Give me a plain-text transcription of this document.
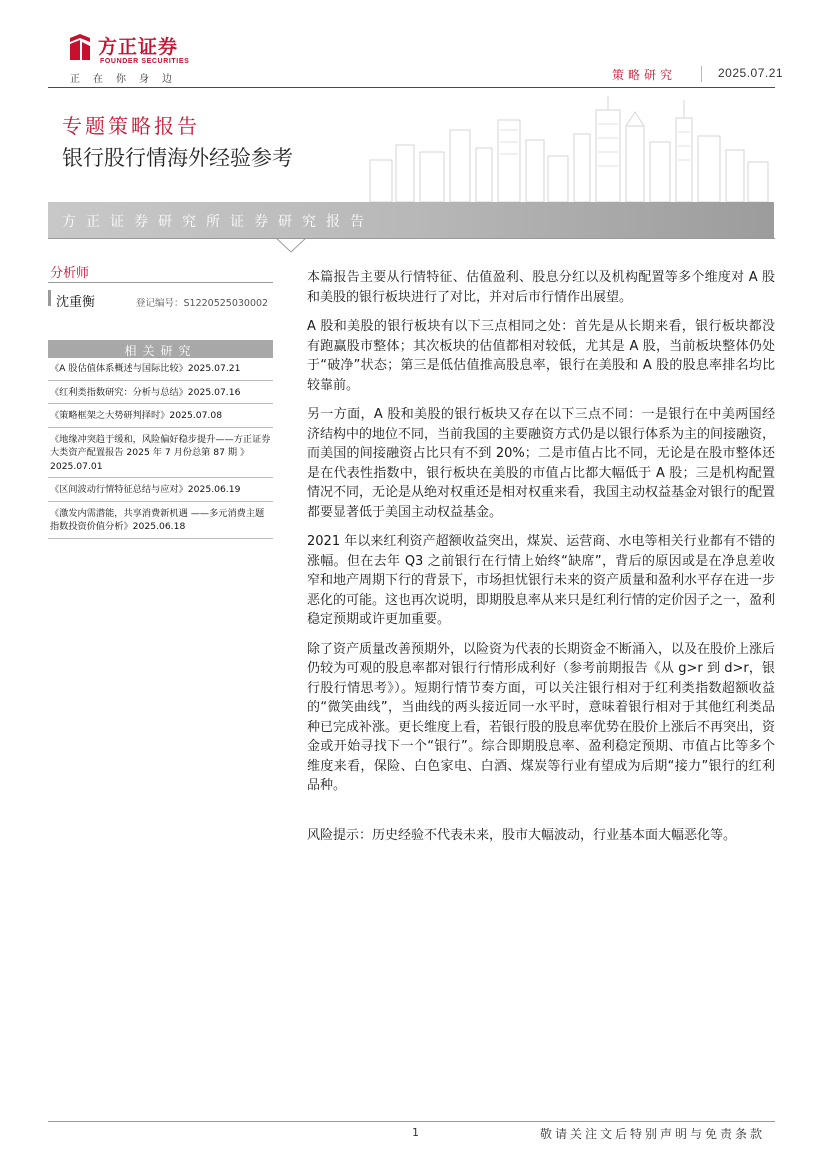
方正证券
FOUNDER SECURITIES
正在你身边	策略研究	2025.07.21
专题策略报告
银行股行情海外经验参考
方正证券研究所证券研究报告
分析师
沈重衡	登记编号：S1220525030002
相关研究
《A 股估值体系概述与国际比较》2025.07.21
《红利类指数研究：分析与总结》2025.07.16
《策略框架之大势研判择时》2025.07.08
《地缘冲突趋于缓和，风险偏好稳步提升——方正证券大类资产配置报告 2025 年 7 月份总第 87 期 》2025.07.01
《区间波动行情特征总结与应对》2025.06.19
《激发内需潜能，共享消费新机遇 ——多元消费主题指数投资价值分析》2025.06.18

本篇报告主要从行情特征、估值盈利、股息分红以及机构配置等多个维度对 A 股和美股的银行板块进行了对比，并对后市行情作出展望。

A 股和美股的银行板块有以下三点相同之处：首先是从长期来看，银行板块都没有跑赢股市整体；其次板块的估值都相对较低，尤其是 A 股，当前板块整体仍处于“破净”状态；第三是低估值推高股息率，银行在美股和 A 股的股息率排名均比较靠前。

另一方面，A 股和美股的银行板块又存在以下三点不同：一是银行在中美两国经济结构中的地位不同，当前我国的主要融资方式仍是以银行体系为主的间接融资，而美国的间接融资占比只有不到 20%；二是市值占比不同，无论是在股市整体还是在代表性指数中，银行板块在美股的市值占比都大幅低于 A 股；三是机构配置情况不同，无论是从绝对权重还是相对权重来看，我国主动权益基金对银行的配置都要显著低于美国主动权益基金。

2021 年以来红利资产超额收益突出，煤炭、运营商、水电等相关行业都有不错的涨幅。但在去年 Q3 之前银行在行情上始终“缺席”，背后的原因或是在净息差收窄和地产周期下行的背景下，市场担忧银行未来的资产质量和盈利水平存在进一步恶化的可能。这也再次说明，即期股息率从来只是红利行情的定价因子之一，盈利稳定预期或许更加重要。

除了资产质量改善预期外，以险资为代表的长期资金不断涌入，以及在股价上涨后仍较为可观的股息率都对银行行情形成利好（参考前期报告《从 g>r 到 d>r，银行股行情思考》）。短期行情节奏方面，可以关注银行相对于红利类指数超额收益的“微笑曲线”，当曲线的两头接近同一水平时，意味着银行相对于其他红利类品种已完成补涨。更长维度上看，若银行股的股息率优势在股价上涨后不再突出，资金或开始寻找下一个“银行”。综合即期股息率、盈利稳定预期、市值占比等多个维度来看，保险、白色家电、白酒、煤炭等行业有望成为后期“接力”银行的红利品种。

风险提示：历史经验不代表未来，股市大幅波动，行业基本面大幅恶化等。
1	敬请关注文后特别声明与免责条款
